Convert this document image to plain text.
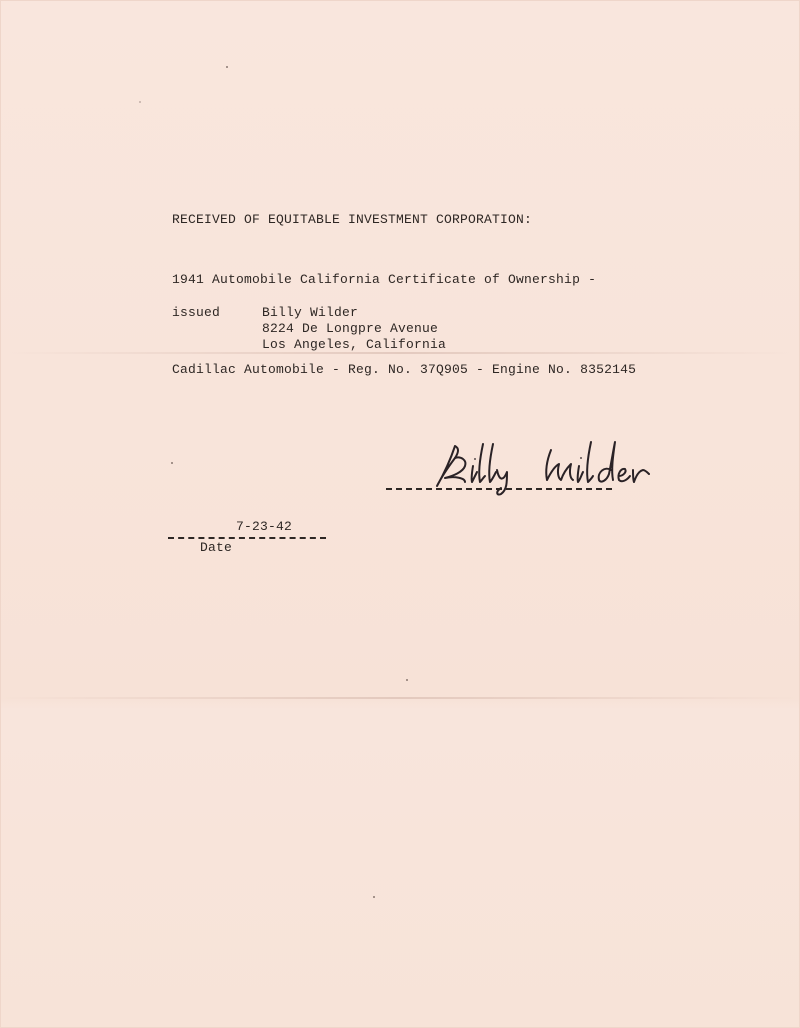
RECEIVED OF EQUITABLE INVESTMENT CORPORATION:
1941 Automobile California Certificate of Ownership -
issued	Billy Wilder
8224 De Longpre Avenue
Los Angeles, California
Cadillac Automobile - Reg. No. 37Q905 - Engine No. 8352145
7-23-42
Date
